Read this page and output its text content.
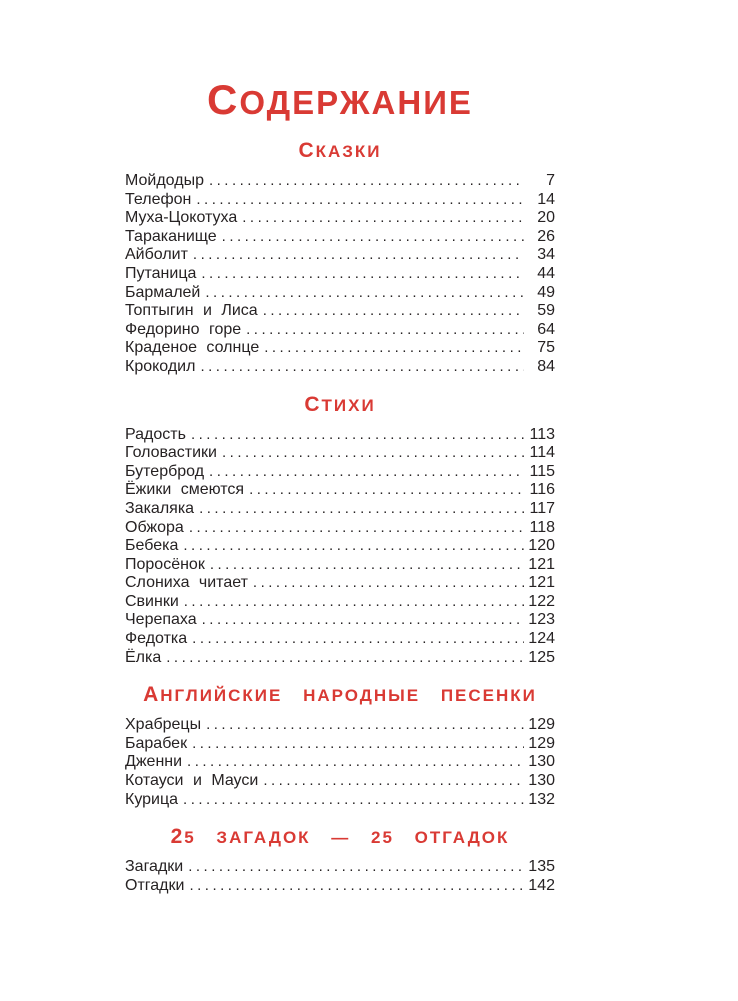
СОДЕРЖАНИЕ
СКАЗКИ
Мойдодыр .....	7
Телефон .....	14
Муха-Цокотуха .....	20
Тараканище .....	26
Айболит .....	34
Путаница .....	44
Бармалей .....	49
Топтыгин и Лиса .....	59
Федорино горе .....	64
Краденое солнце .....	75
Крокодил .....	84
СТИХИ
Радость .....	113
Головастики .....	114
Бутерброд .....	115
Ёжики смеются .....	116
Закаляка .....	117
Обжора .....	118
Бебека .....	120
Поросёнок .....	121
Слониха читает .....	121
Свинки .....	122
Черепаха .....	123
Федотка .....	124
Ёлка .....	125
АНГЛИЙСКИЕ НАРОДНЫЕ ПЕСЕНКИ
Храбрецы .....	129
Барабек .....	129
Дженни .....	130
Котауси и Мауси .....	130
Курица .....	132
25 ЗАГАДОК — 25 ОТГАДОК
Загадки .....	135
Отгадки .....	142
